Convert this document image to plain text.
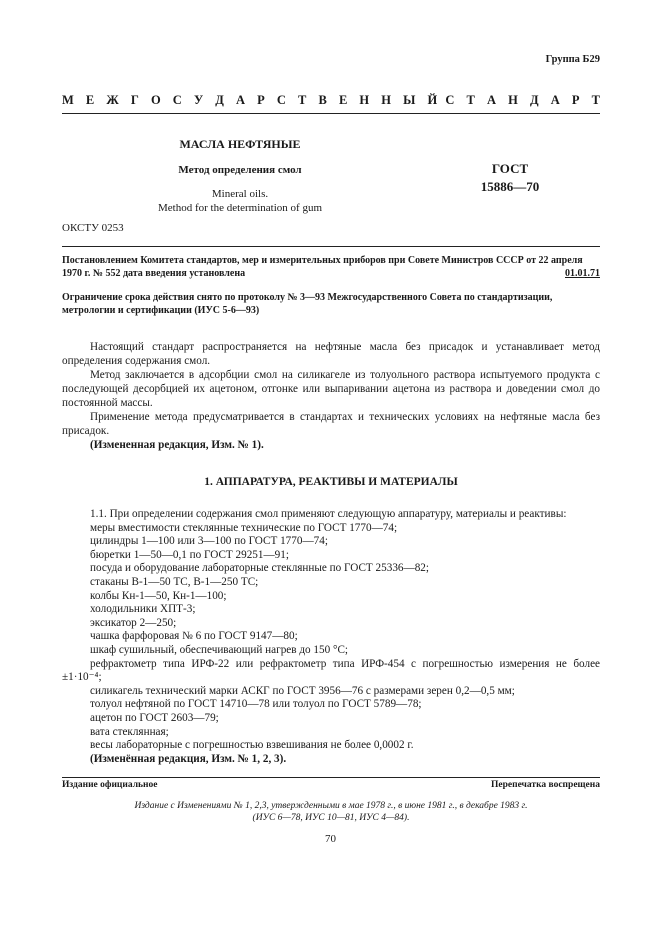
Группа Б29
М Е Ж Г О С У Д А Р С Т В Е Н Н Ы Й С Т А Н Д А Р Т
МАСЛА НЕФТЯНЫЕ
Метод определения смол
Mineral oils.
Method for the determination of gum
ГОСТ
15886—70
ОКСТУ 0253
Постановлением Комитета стандартов, мер и измерительных приборов при Совете Министров СССР от 22 апреля 1970 г. № 552 дата введения установлена	01.01.71
Ограничение срока действия снято по протоколу № 3—93 Межгосударственного Совета по стандартизации, метрологии и сертификации (ИУС 5-6—93)

Настоящий стандарт распространяется на нефтяные масла без присадок и устанавливает метод определения содержания смол.

Метод заключается в адсорбции смол на силикагеле из толуольного раствора испытуемого продукта с последующей десорбцией их ацетоном, отгонке или выпаривании ацетона из раствора и доведении смол до постоянной массы.

Применение метода предусматривается в стандартах и технических условиях на нефтяные масла без присадок.

(Измененная редакция, Изм. № 1).

1. АППАРАТУРА, РЕАКТИВЫ И МАТЕРИАЛЫ

1.1. При определении содержания смол применяют следующую аппаратуру, материалы и реактивы:

меры вместимости стеклянные технические по ГОСТ 1770—74;

цилиндры 1—100 или 3—100 по ГОСТ 1770—74;

бюретки 1—50—0,1 по ГОСТ 29251—91;

посуда и оборудование лабораторные стеклянные по ГОСТ 25336—82;

стаканы В-1—50 ТС, В-1—250 ТС;

колбы Кн-1—50, Кн-1—100;

холодильники ХПТ-3;

эксикатор 2—250;

чашка фарфоровая № 6 по ГОСТ 9147—80;

шкаф сушильный, обеспечивающий нагрев до 150 °С;

рефрактометр типа ИРФ-22 или рефрактометр типа ИРФ-454 с погрешностью измерения не более ±1·10⁻⁴;

силикагель технический марки АСКГ по ГОСТ 3956—76 с размерами зерен 0,2—0,5 мм;

толуол нефтяной по ГОСТ 14710—78 или толуол по ГОСТ 5789—78;

ацетон по ГОСТ 2603—79;

вата стеклянная;

весы лабораторные с погрешностью взвешивания не более 0,0002 г.

(Изменённая редакция, Изм. № 1, 2, 3).

Издание официальное	Перепечатка воспрещена
Издание с Изменениями № 1, 2,3, утвержденными в мае 1978 г., в июне 1981 г., в декабре 1983 г.
(ИУС 6—78, ИУС 10—81, ИУС 4—84).
70
